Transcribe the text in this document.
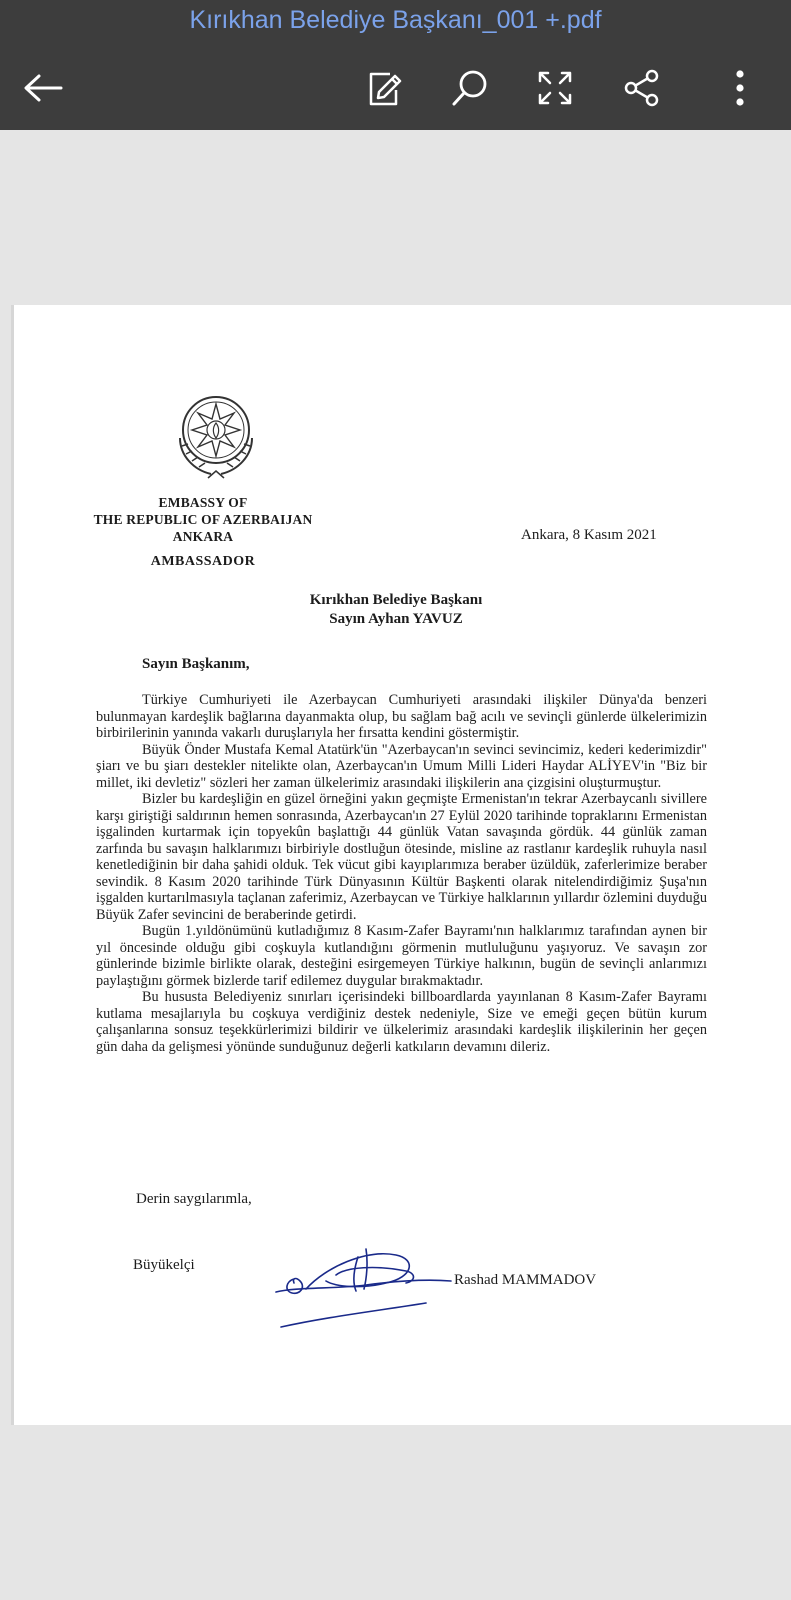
Kırıkhan Belediye Başkanı_001 +.pdf
EMBASSY OF
THE REPUBLIC OF AZERBAIJAN
ANKARA
AMBASSADOR
Ankara, 8 Kasım 2021
Kırıkhan Belediye Başkanı
Sayın Ayhan YAVUZ
Sayın Başkanım,

Türkiye Cumhuriyeti ile Azerbaycan Cumhuriyeti arasındaki ilişkiler Dünya'da benzeri bulunmayan kardeşlik bağlarına dayanmakta olup, bu sağlam bağ acılı ve sevinçli günlerde ülkelerimizin birbirilerinin yanında vakarlı duruşlarıyla her fırsatta kendini göstermiştir.

Büyük Önder Mustafa Kemal Atatürk'ün "Azerbaycan'ın sevinci sevincimiz, kederi kederimizdir" şiarı ve bu şiarı destekler nitelikte olan, Azerbaycan'ın Umum Milli Lideri Haydar ALİYEV'in "Biz bir millet, iki devletiz" sözleri her zaman ülkelerimiz arasındaki ilişkilerin ana çizgisini oluşturmuştur.

Bizler bu kardeşliğin en güzel örneğini yakın geçmişte Ermenistan'ın tekrar Azerbaycanlı sivillere karşı giriştiği saldırının hemen sonrasında, Azerbaycan'ın 27 Eylül 2020 tarihinde topraklarını Ermenistan işgalinden kurtarmak için topyekûn başlattığı 44 günlük Vatan savaşında gördük. 44 günlük zaman zarfında bu savaşın halklarımızı birbiriyle dostluğun ötesinde, misline az rastlanır kardeşlik ruhuyla nasıl kenetlediğinin bir daha şahidi olduk. Tek vücut gibi kayıplarımıza beraber üzüldük, zaferlerimize beraber sevindik. 8 Kasım 2020 tarihinde Türk Dünyasının Kültür Başkenti olarak nitelendirdiğimiz Şuşa'nın işgalden kurtarılmasıyla taçlanan zaferimiz, Azerbaycan ve Türkiye halklarının yıllardır özlemini duyduğu Büyük Zafer sevincini de beraberinde getirdi.

Bugün 1.yıldönümünü kutladığımız 8 Kasım-Zafer Bayramı'nın halklarımız tarafından aynen bir yıl öncesinde olduğu gibi coşkuyla kutlandığını görmenin mutluluğunu yaşıyoruz. Ve savaşın zor günlerinde bizimle birlikte olarak, desteğini esirgemeyen Türkiye halkının, bugün de sevinçli anlarımızı paylaştığını görmek bizlerde tarif edilemez duygular bırakmaktadır.

Bu hususta Belediyeniz sınırları içerisindeki billboardlarda yayınlanan 8 Kasım-Zafer Bayramı kutlama mesajlarıyla bu coşkuya verdiğiniz destek nedeniyle, Size ve emeği geçen bütün kurum çalışanlarına sonsuz teşekkürlerimizi bildirir ve ülkelerimiz arasındaki kardeşlik ilişkilerinin her geçen gün daha da gelişmesi yönünde sunduğunuz değerli katkıların devamını dileriz.

Derin saygılarımla,
Büyükelçi
Rashad MAMMADOV
